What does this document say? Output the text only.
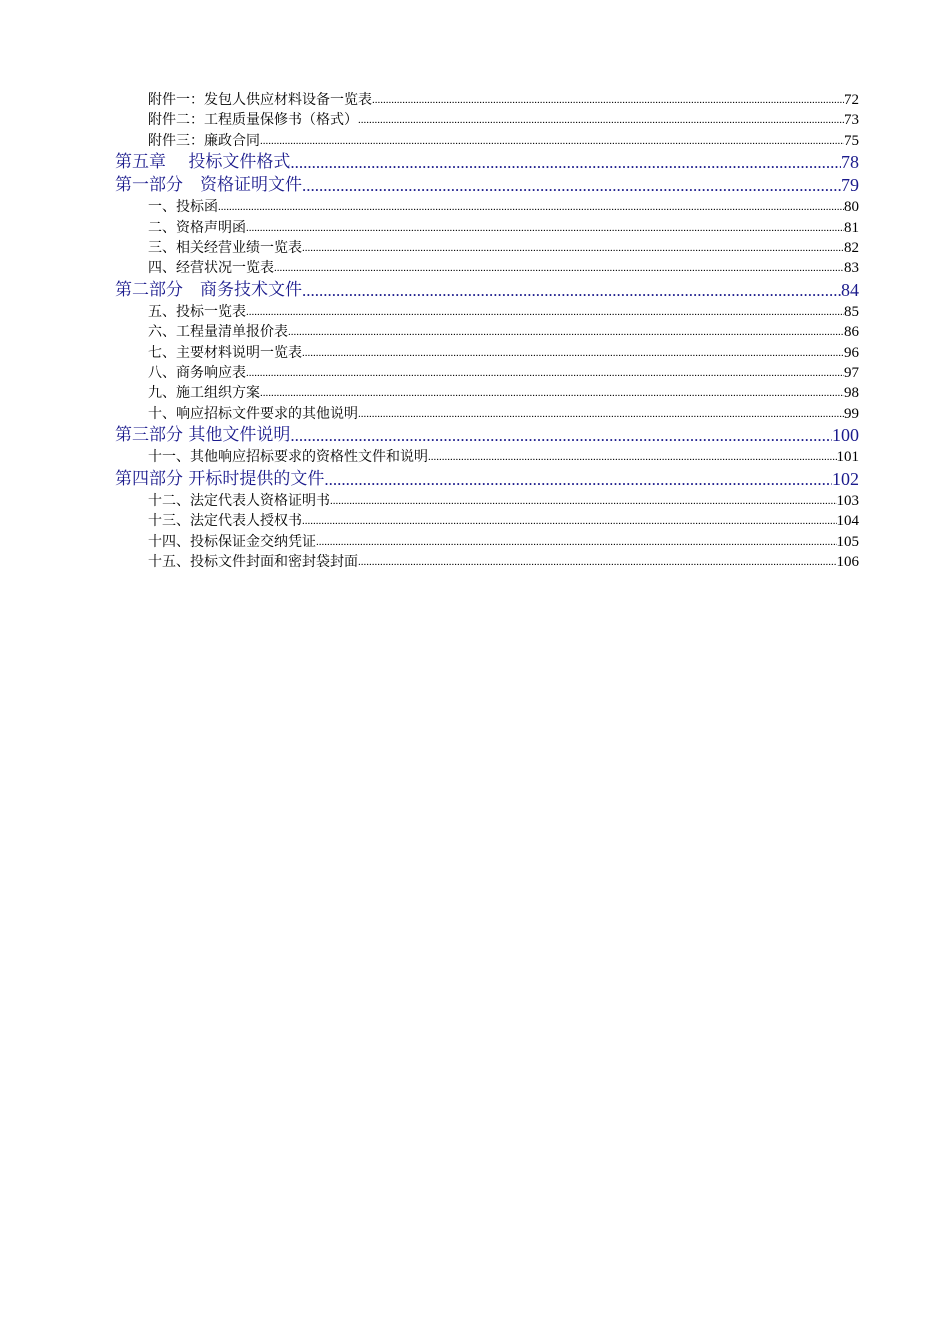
附件一：发包人供应材料设备一览表 .....	72
附件二：工程质量保修书（格式） .....	73
附件三：廉政合同 .....	75
第五章　 投标文件格式 .....	78
第一部分　资格证明文件 .....	79
一、投标函 .....	80
二、资格声明函 .....	81
三、相关经营业绩一览表 .....	82
四、经营状况一览表 .....	83
第二部分　商务技术文件 .....	84
五、投标一览表 .....	85
六、工程量清单报价表 .....	86
七、主要材料说明一览表 .....	96
八、商务响应表 .....	97
九、施工组织方案 .....	98
十、响应招标文件要求的其他说明 .....	99
第三部分 其他文件说明 .....	100
十一、其他响应招标要求的资格性文件和说明 .....	101
第四部分 开标时提供的文件 .....	102
十二、法定代表人资格证明书 .....	103
十三、法定代表人授权书 .....	104
十四、投标保证金交纳凭证 .....	105
十五、投标文件封面和密封袋封面 .....	106
